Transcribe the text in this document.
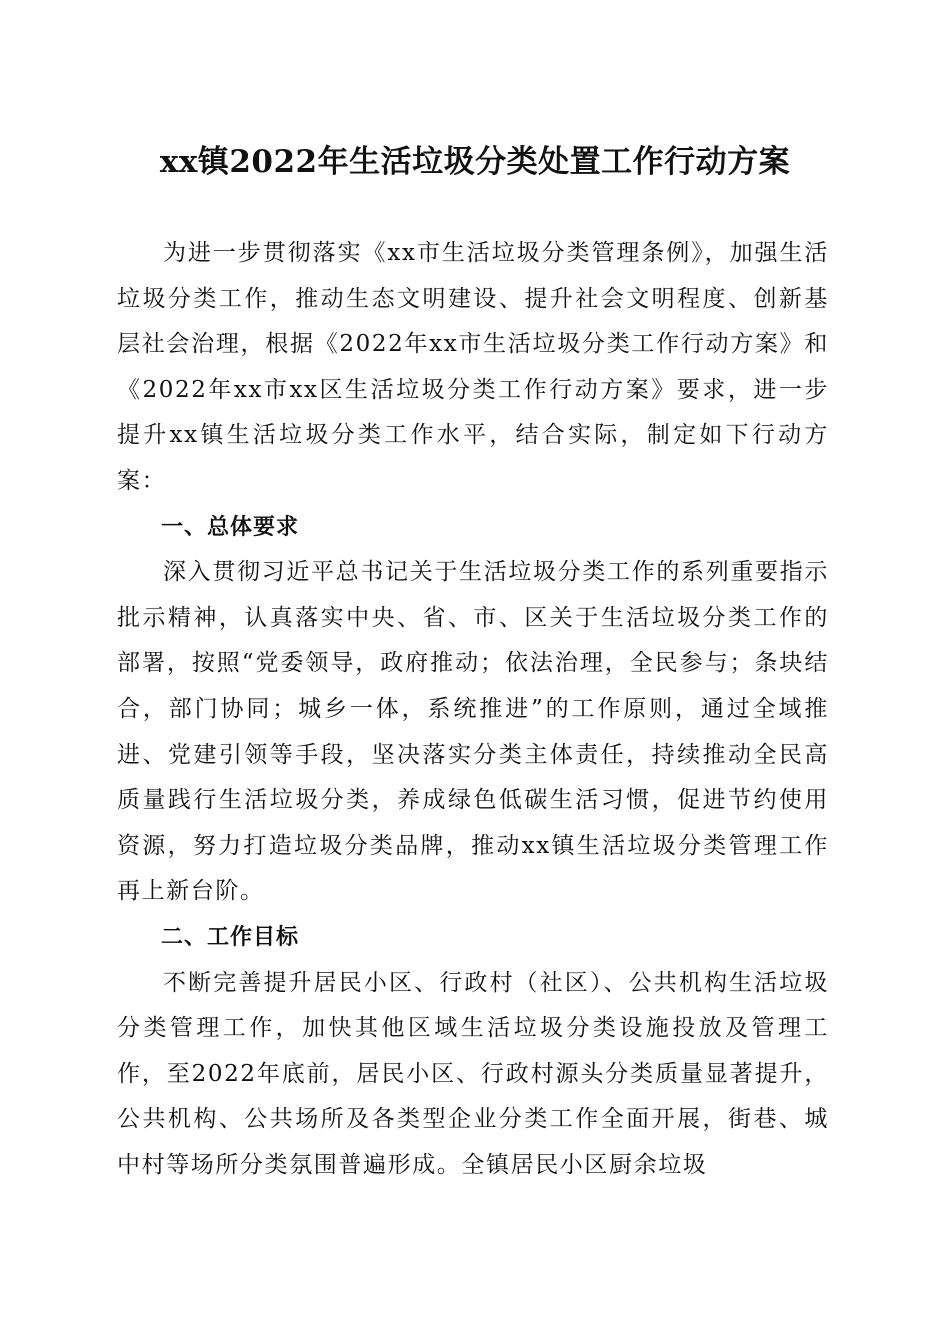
xx镇2022年生活垃圾分类处置工作行动方案

为进一步贯彻落实《xx市生活垃圾分类管理条例》，加强生活垃圾分类工作，推动生态文明建设、提升社会文明程度、创新基层社会治理，根据《2022年xx市生活垃圾分类工作行动方案》和《2022年xx市xx区生活垃圾分类工作行动方案》要求，进一步提升xx镇生活垃圾分类工作水平，结合实际，制定如下行动方案：

一、总体要求

深入贯彻习近平总书记关于生活垃圾分类工作的系列重要指示批示精神，认真落实中央、省、市、区关于生活垃圾分类工作的部署，按照“党委领导，政府推动；依法治理，全民参与；条块结合，部门协同；城乡一体，系统推进”的工作原则，通过全域推进、党建引领等手段，坚决落实分类主体责任，持续推动全民高质量践行生活垃圾分类，养成绿色低碳生活习惯，促进节约使用资源，努力打造垃圾分类品牌，推动xx镇生活垃圾分类管理工作再上新台阶。

二、工作目标

不断完善提升居民小区、行政村（社区）、公共机构生活垃圾分类管理工作，加快其他区域生活垃圾分类设施投放及管理工作，至2022年底前，居民小区、行政村源头分类质量显著提升，公共机构、公共场所及各类型企业分类工作全面开展，街巷、城中村等场所分类氛围普遍形成。全镇居民小区厨余垃圾
